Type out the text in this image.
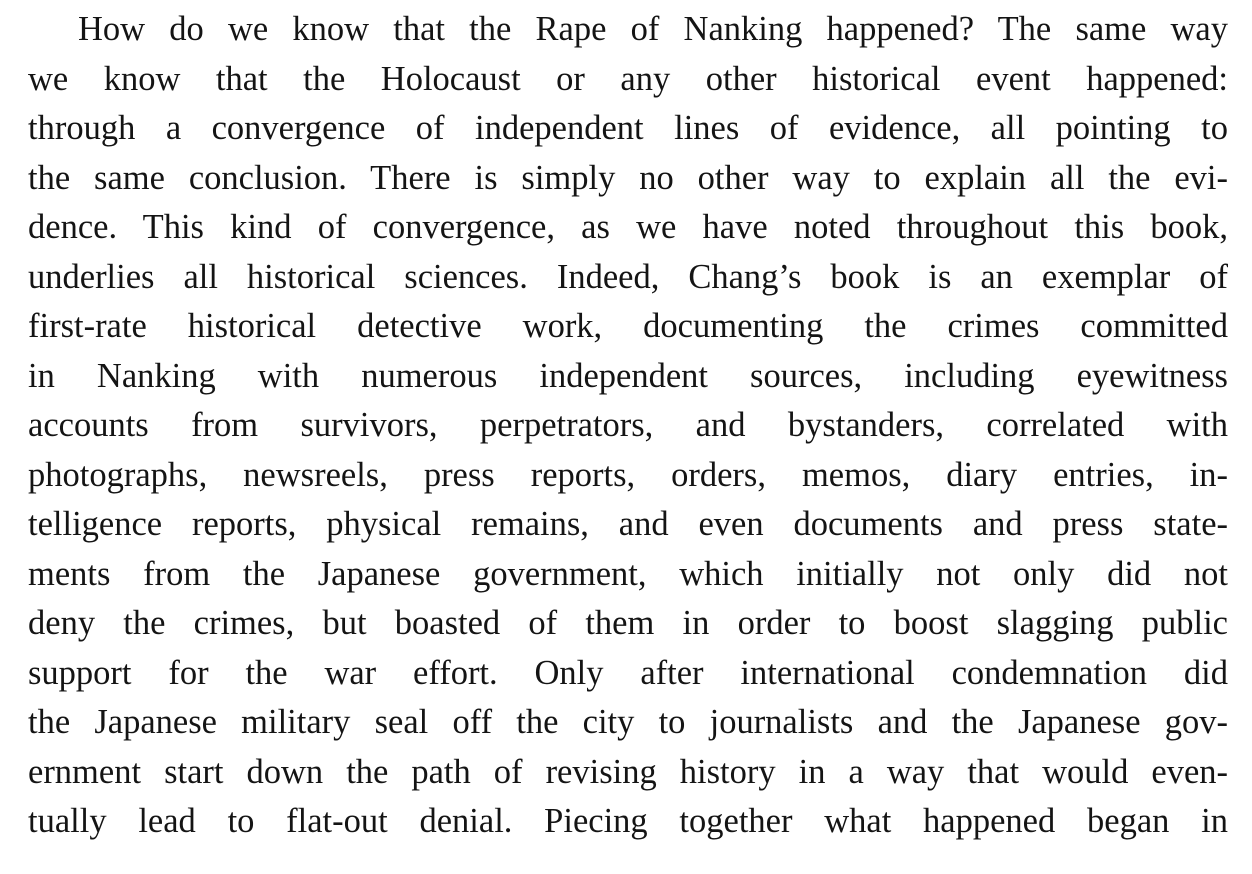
How do we know that the Rape of Nanking happened? The same way
we know that the Holocaust or any other historical event happened:
through a convergence of independent lines of evidence, all pointing to
the same conclusion. There is simply no other way to explain all the evi-
dence. This kind of convergence, as we have noted throughout this book,
underlies all historical sciences. Indeed, Chang’s book is an exemplar of
first-rate historical detective work, documenting the crimes committed
in Nanking with numerous independent sources, including eyewitness
accounts from survivors, perpetrators, and bystanders, correlated with
photographs, newsreels, press reports, orders, memos, diary entries, in-
telligence reports, physical remains, and even documents and press state-
ments from the Japanese government, which initially not only did not
deny the crimes, but boasted of them in order to boost slagging public
support for the war effort. Only after international condemnation did
the Japanese military seal off the city to journalists and the Japanese gov-
ernment start down the path of revising history in a way that would even-
tually lead to flat-out denial. Piecing together what happened began in
